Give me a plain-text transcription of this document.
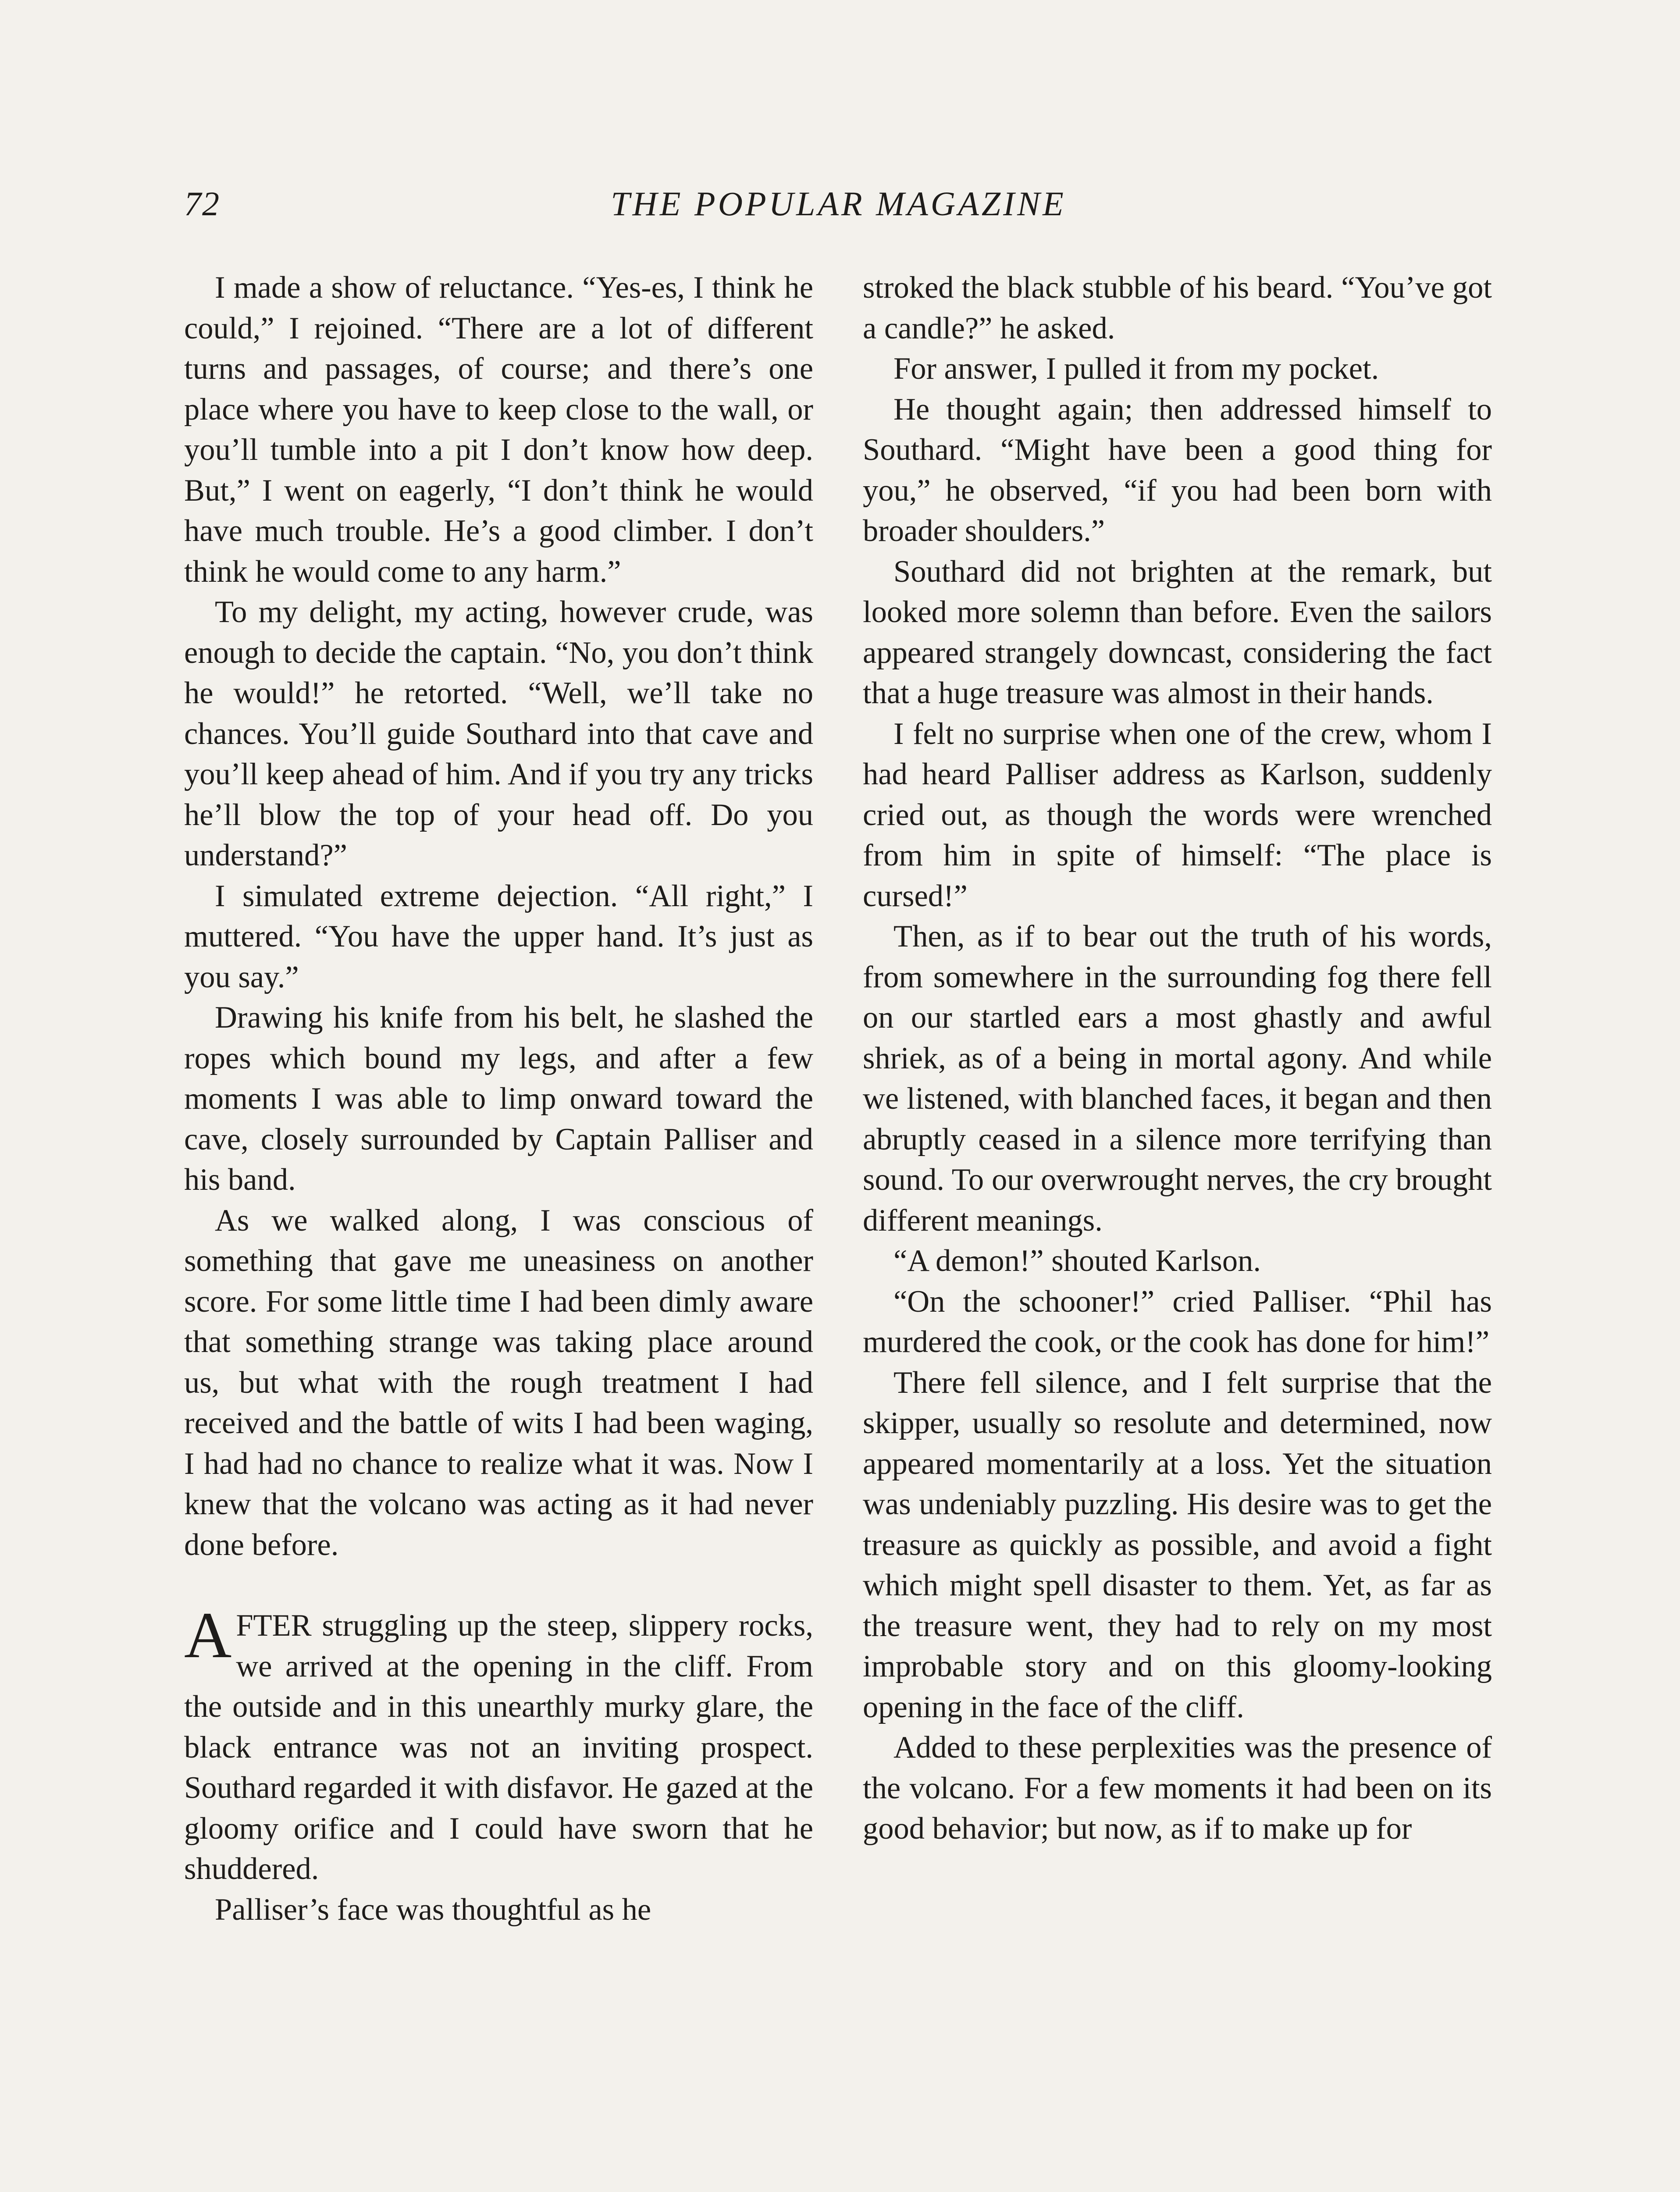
72	THE POPULAR MAGAZINE

I made a show of reluctance. “Yes-es, I think he could,” I rejoined. “There are a lot of different turns and passages, of course; and there’s one place where you have to keep close to the wall, or you’ll tumble into a pit I don’t know how deep. But,” I went on eagerly, “I don’t think he would have much trouble. He’s a good climber. I don’t think he would come to any harm.”

To my delight, my acting, however crude, was enough to decide the captain. “No, you don’t think he would!” he retorted. “Well, we’ll take no chances. You’ll guide Southard into that cave and you’ll keep ahead of him. And if you try any tricks he’ll blow the top of your head off. Do you understand?”

I simulated extreme dejection. “All right,” I muttered. “You have the upper hand. It’s just as you say.”

Drawing his knife from his belt, he slashed the ropes which bound my legs, and after a few moments I was able to limp onward toward the cave, closely surrounded by Captain Palliser and his band.

As we walked along, I was conscious of something that gave me uneasiness on another score. For some little time I had been dimly aware that something strange was taking place around us, but what with the rough treatment I had received and the battle of wits I had been waging, I had had no chance to realize what it was. Now I knew that the volcano was acting as it had never done before.

AFTER struggling up the steep, slippery rocks, we arrived at the opening in the cliff. From the outside and in this unearthly murky glare, the black entrance was not an inviting prospect. Southard regarded it with disfavor. He gazed at the gloomy orifice and I could have sworn that he shuddered.

Palliser’s face was thoughtful as he

stroked the black stubble of his beard. “You’ve got a candle?” he asked.

For answer, I pulled it from my pocket.

He thought again; then addressed himself to Southard. “Might have been a good thing for you,” he observed, “if you had been born with broader shoulders.”

Southard did not brighten at the remark, but looked more solemn than before. Even the sailors appeared strangely downcast, considering the fact that a huge treasure was almost in their hands.

I felt no surprise when one of the crew, whom I had heard Palliser address as Karlson, suddenly cried out, as though the words were wrenched from him in spite of himself: “The place is cursed!”

Then, as if to bear out the truth of his words, from somewhere in the surrounding fog there fell on our startled ears a most ghastly and awful shriek, as of a being in mortal agony. And while we listened, with blanched faces, it began and then abruptly ceased in a silence more terrifying than sound. To our overwrought nerves, the cry brought different meanings.

“A demon!” shouted Karlson.

“On the schooner!” cried Palliser. “Phil has murdered the cook, or the cook has done for him!”

There fell silence, and I felt surprise that the skipper, usually so resolute and determined, now appeared momentarily at a loss. Yet the situation was undeniably puzzling. His desire was to get the treasure as quickly as possible, and avoid a fight which might spell disaster to them. Yet, as far as the treasure went, they had to rely on my most improbable story and on this gloomy-looking opening in the face of the cliff.

Added to these perplexities was the presence of the volcano. For a few moments it had been on its good behavior; but now, as if to make up for
